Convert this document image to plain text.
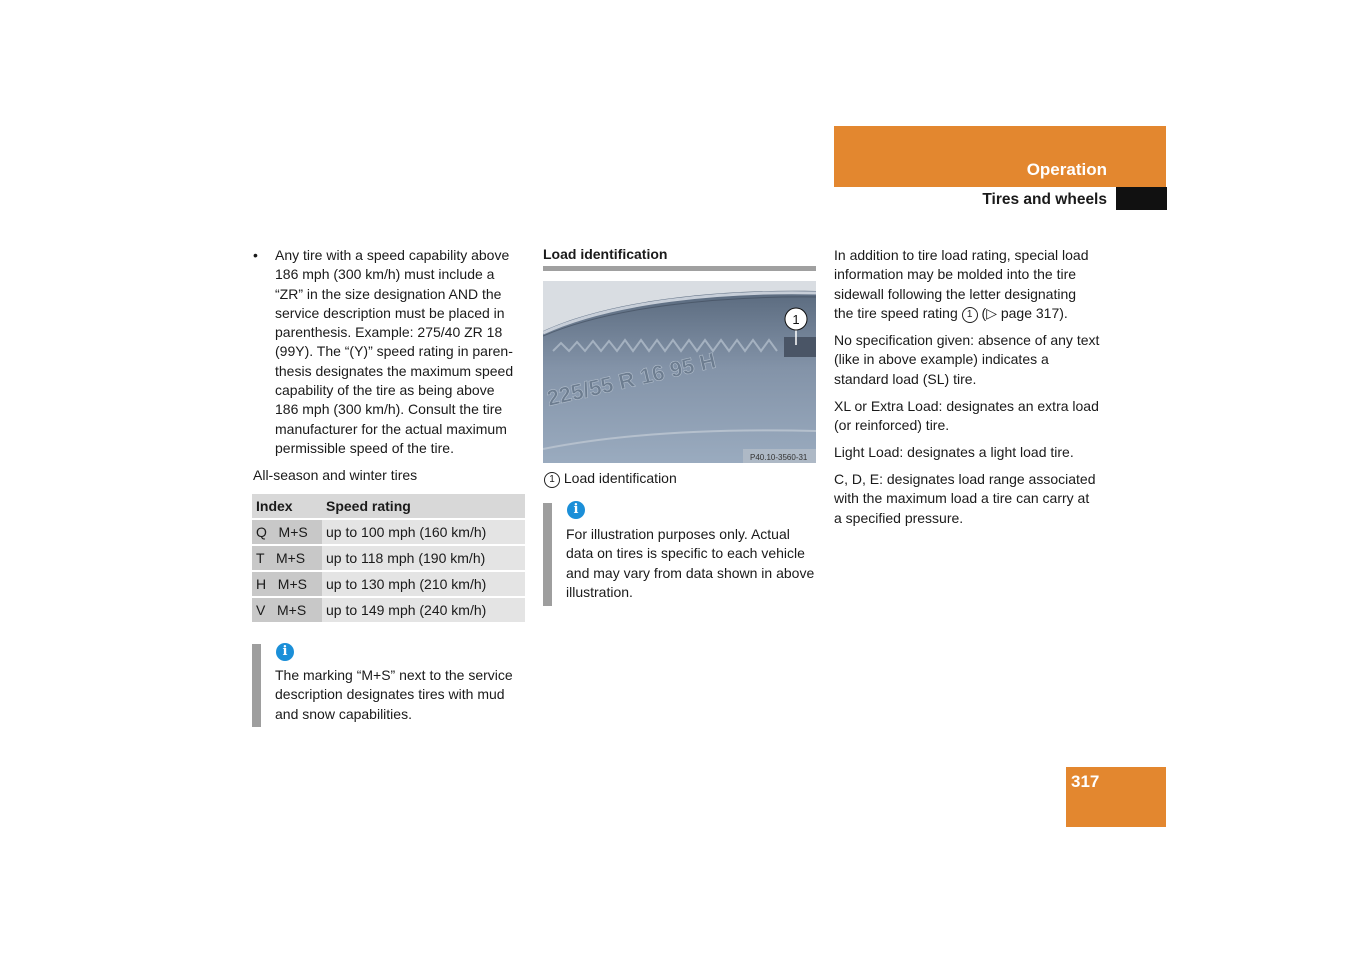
Operation
Tires and wheels
• Any tire with a speed capability above
186 mph (300 km/h) must include a
“ZR” in the size designation AND the
service description must be placed in
parenthesis. Example: 275/40 ZR 18
(99Y). The “(Y)” speed rating in paren-
thesis designates the maximum speed
capability of the tire as being above
186 mph (300 km/h). Consult the tire
manufacturer for the actual maximum
permissible speed of the tire.
All-season and winter tires
Index	Speed rating
Q   M+S	up to 100 mph (160 km/h)
T   M+S	up to 118 mph (190 km/h)
H   M+S	up to 130 mph (210 km/h)
V   M+S	up to 149 mph (240 km/h)
i
The marking “M+S” next to the service
description designates tires with mud
and snow capabilities.
Load identification
225/55 R 16 95 H
P40.10-3560-31
1
1 Load identification
i
For illustration purposes only. Actual
data on tires is specific to each vehicle
and may vary from data shown in above
illustration.
In addition to tire load rating, special load
information may be molded into the tire
sidewall following the letter designating
the tire speed rating 1 (▷ page 317).
No specification given: absence of any text
(like in above example) indicates a
standard load (SL) tire.
XL or Extra Load: designates an extra load
(or reinforced) tire.
Light Load: designates a light load tire.
C, D, E: designates load range associated
with the maximum load a tire can carry at
a specified pressure.
317
